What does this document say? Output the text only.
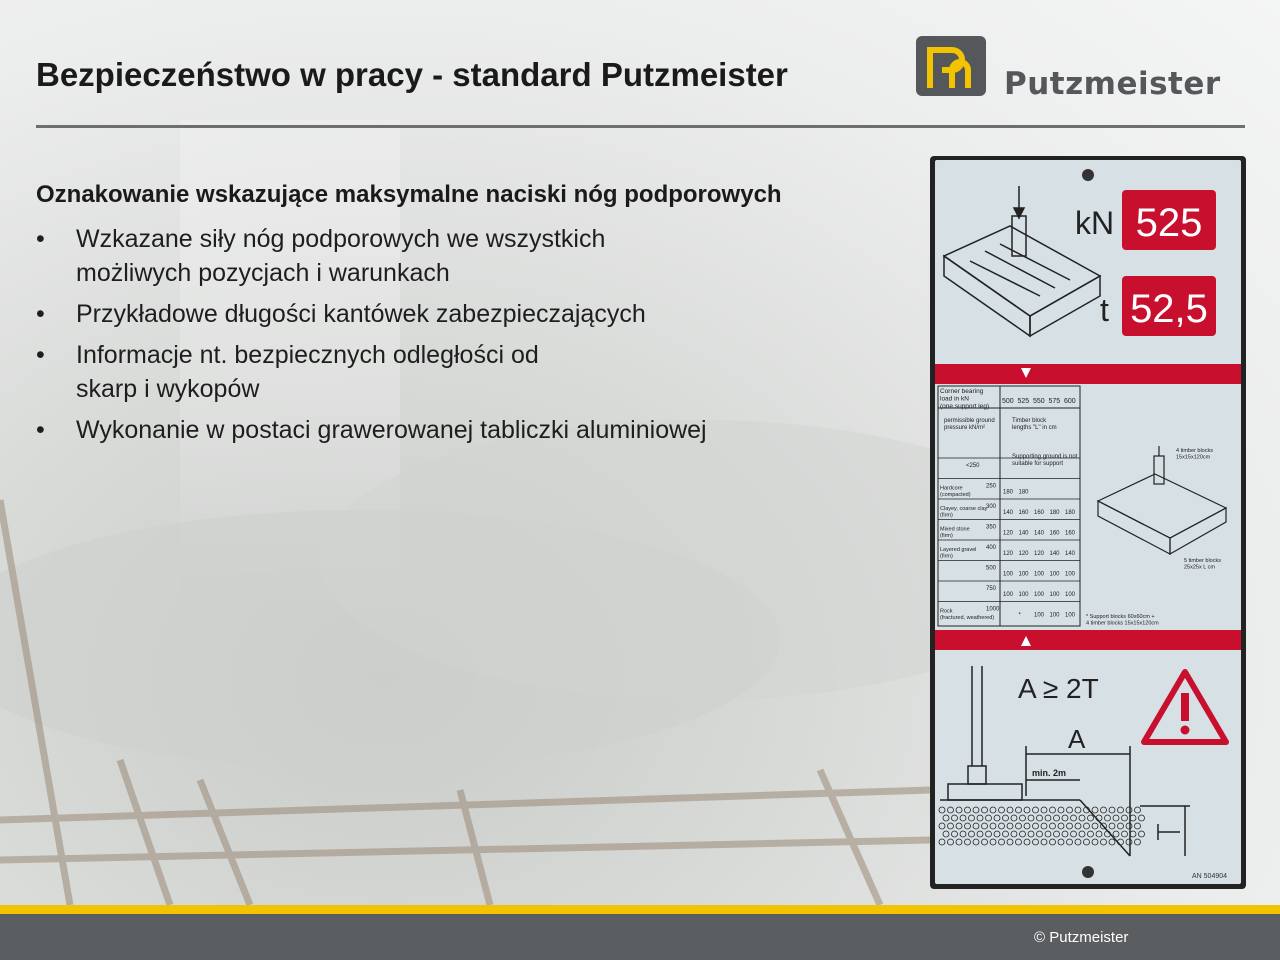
Bezpieczeństwo w pracy - standard Putzmeister	Putzmeister
Oznakowanie wskazujące maksymalne naciski nóg podporowych
• Wzkazane siły nóg podporowych we wszystkich
możliwych pozycjach i warunkach
• Przykładowe długości kantówek zabezpieczających
• Informacje nt. bezpiecznych odległości od
skarp i wykopów
• Wykonanie w postaci grawerowanej tabliczki aluminiowej
kN 525
t 52,5
Corner bearing load in kN (one support leg)
permissible ground pressure kN/m²
Timber block lengths "L" in cm
Supporting ground is not suitable for support
500 525 550 575 600
<250
Hardcore (compacted)
250
180 180
Clayey, coarse clay (firm)
300
140 160 160 180 180
Mixed stone (firm)
350
120 140 140 160 160
Layered gravel (firm)
400
120 120 120 140 140
500
100 100 100 100 100
750
100 100 100 100 100
Rock (fractured, weathered)
1000
* 100 100 100
4 timber blocks 15x15x120cm
5 timber blocks 25x25x L cm
* Support blocks 60x60cm + 4 timber blocks 15x15x120cm
A ≥ 2T
A
min. 2m
AN 504904
© Putzmeister
